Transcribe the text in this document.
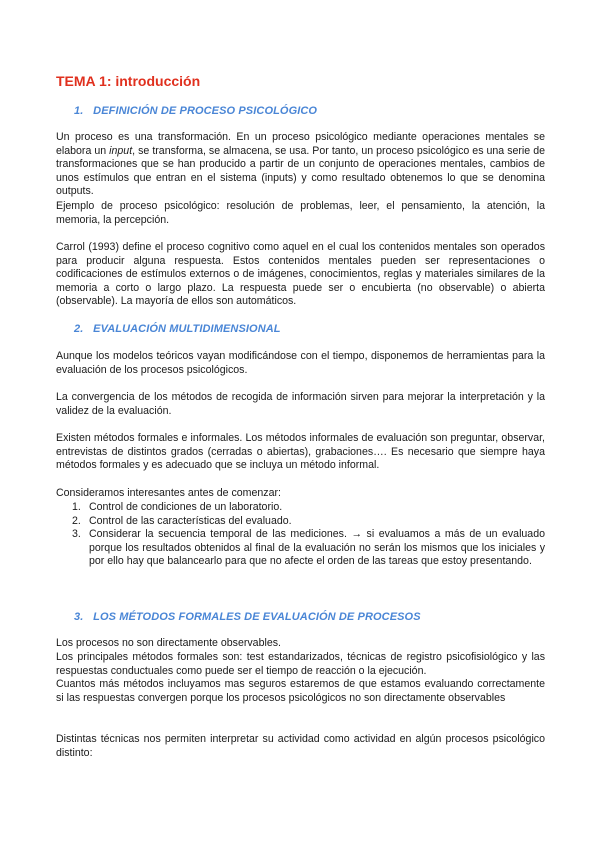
TEMA 1: introducción
1. DEFINICIÓN DE PROCESO PSICOLÓGICO

Un proceso es una transformación. En un proceso psicológico mediante operaciones mentales se elabora un input, se transforma, se almacena, se usa. Por tanto, un proceso psicológico es una serie de transformaciones que se han producido a partir de un conjunto de operaciones mentales, cambios de unos estímulos que entran en el sistema (inputs) y como resultado obtenemos lo que se denomina outputs.

Ejemplo de proceso psicológico: resolución de problemas, leer, el pensamiento, la atención, la memoria, la percepción.

Carrol (1993) define el proceso cognitivo como aquel en el cual los contenidos mentales son operados para producir alguna respuesta. Estos contenidos mentales pueden ser representaciones o codificaciones de estímulos externos o de imágenes, conocimientos, reglas y materiales similares de la memoria a corto o largo plazo. La respuesta puede ser o encubierta (no observable) o abierta (observable). La mayoría de ellos son automáticos.

2. EVALUACIÓN MULTIDIMENSIONAL

Aunque los modelos teóricos vayan modificándose con el tiempo, disponemos de herramientas para la evaluación de los procesos psicológicos.

La convergencia de los métodos de recogida de información sirven para mejorar la interpretación y la validez de la evaluación.

Existen métodos formales e informales. Los métodos informales de evaluación son preguntar, observar, entrevistas de distintos grados (cerradas o abiertas), grabaciones…. Es necesario que siempre haya métodos formales y es adecuado que se incluya un método informal.

Consideramos interesantes antes de comenzar:

1. Control de condiciones de un laboratorio.
2. Control de las características del evaluado.
3. Considerar la secuencia temporal de las mediciones. → si evaluamos a más de un evaluado porque los resultados obtenidos al final de la evaluación no serán los mismos que los iniciales y por ello hay que balancearlo para que no afecte el orden de las tareas que estoy presentando.
3. LOS MÉTODOS FORMALES DE EVALUACIÓN DE PROCESOS

Los procesos no son directamente observables.

Los principales métodos formales son: test estandarizados, técnicas de registro psicofisiológico y las respuestas conductuales como puede ser el tiempo de reacción o la ejecución.

Cuantos más métodos incluyamos mas seguros estaremos de que estamos evaluando correctamente si las respuestas convergen porque los procesos psicológicos no son directamente observables

Distintas técnicas nos permiten interpretar su actividad como actividad en algún procesos psicológico distinto:
